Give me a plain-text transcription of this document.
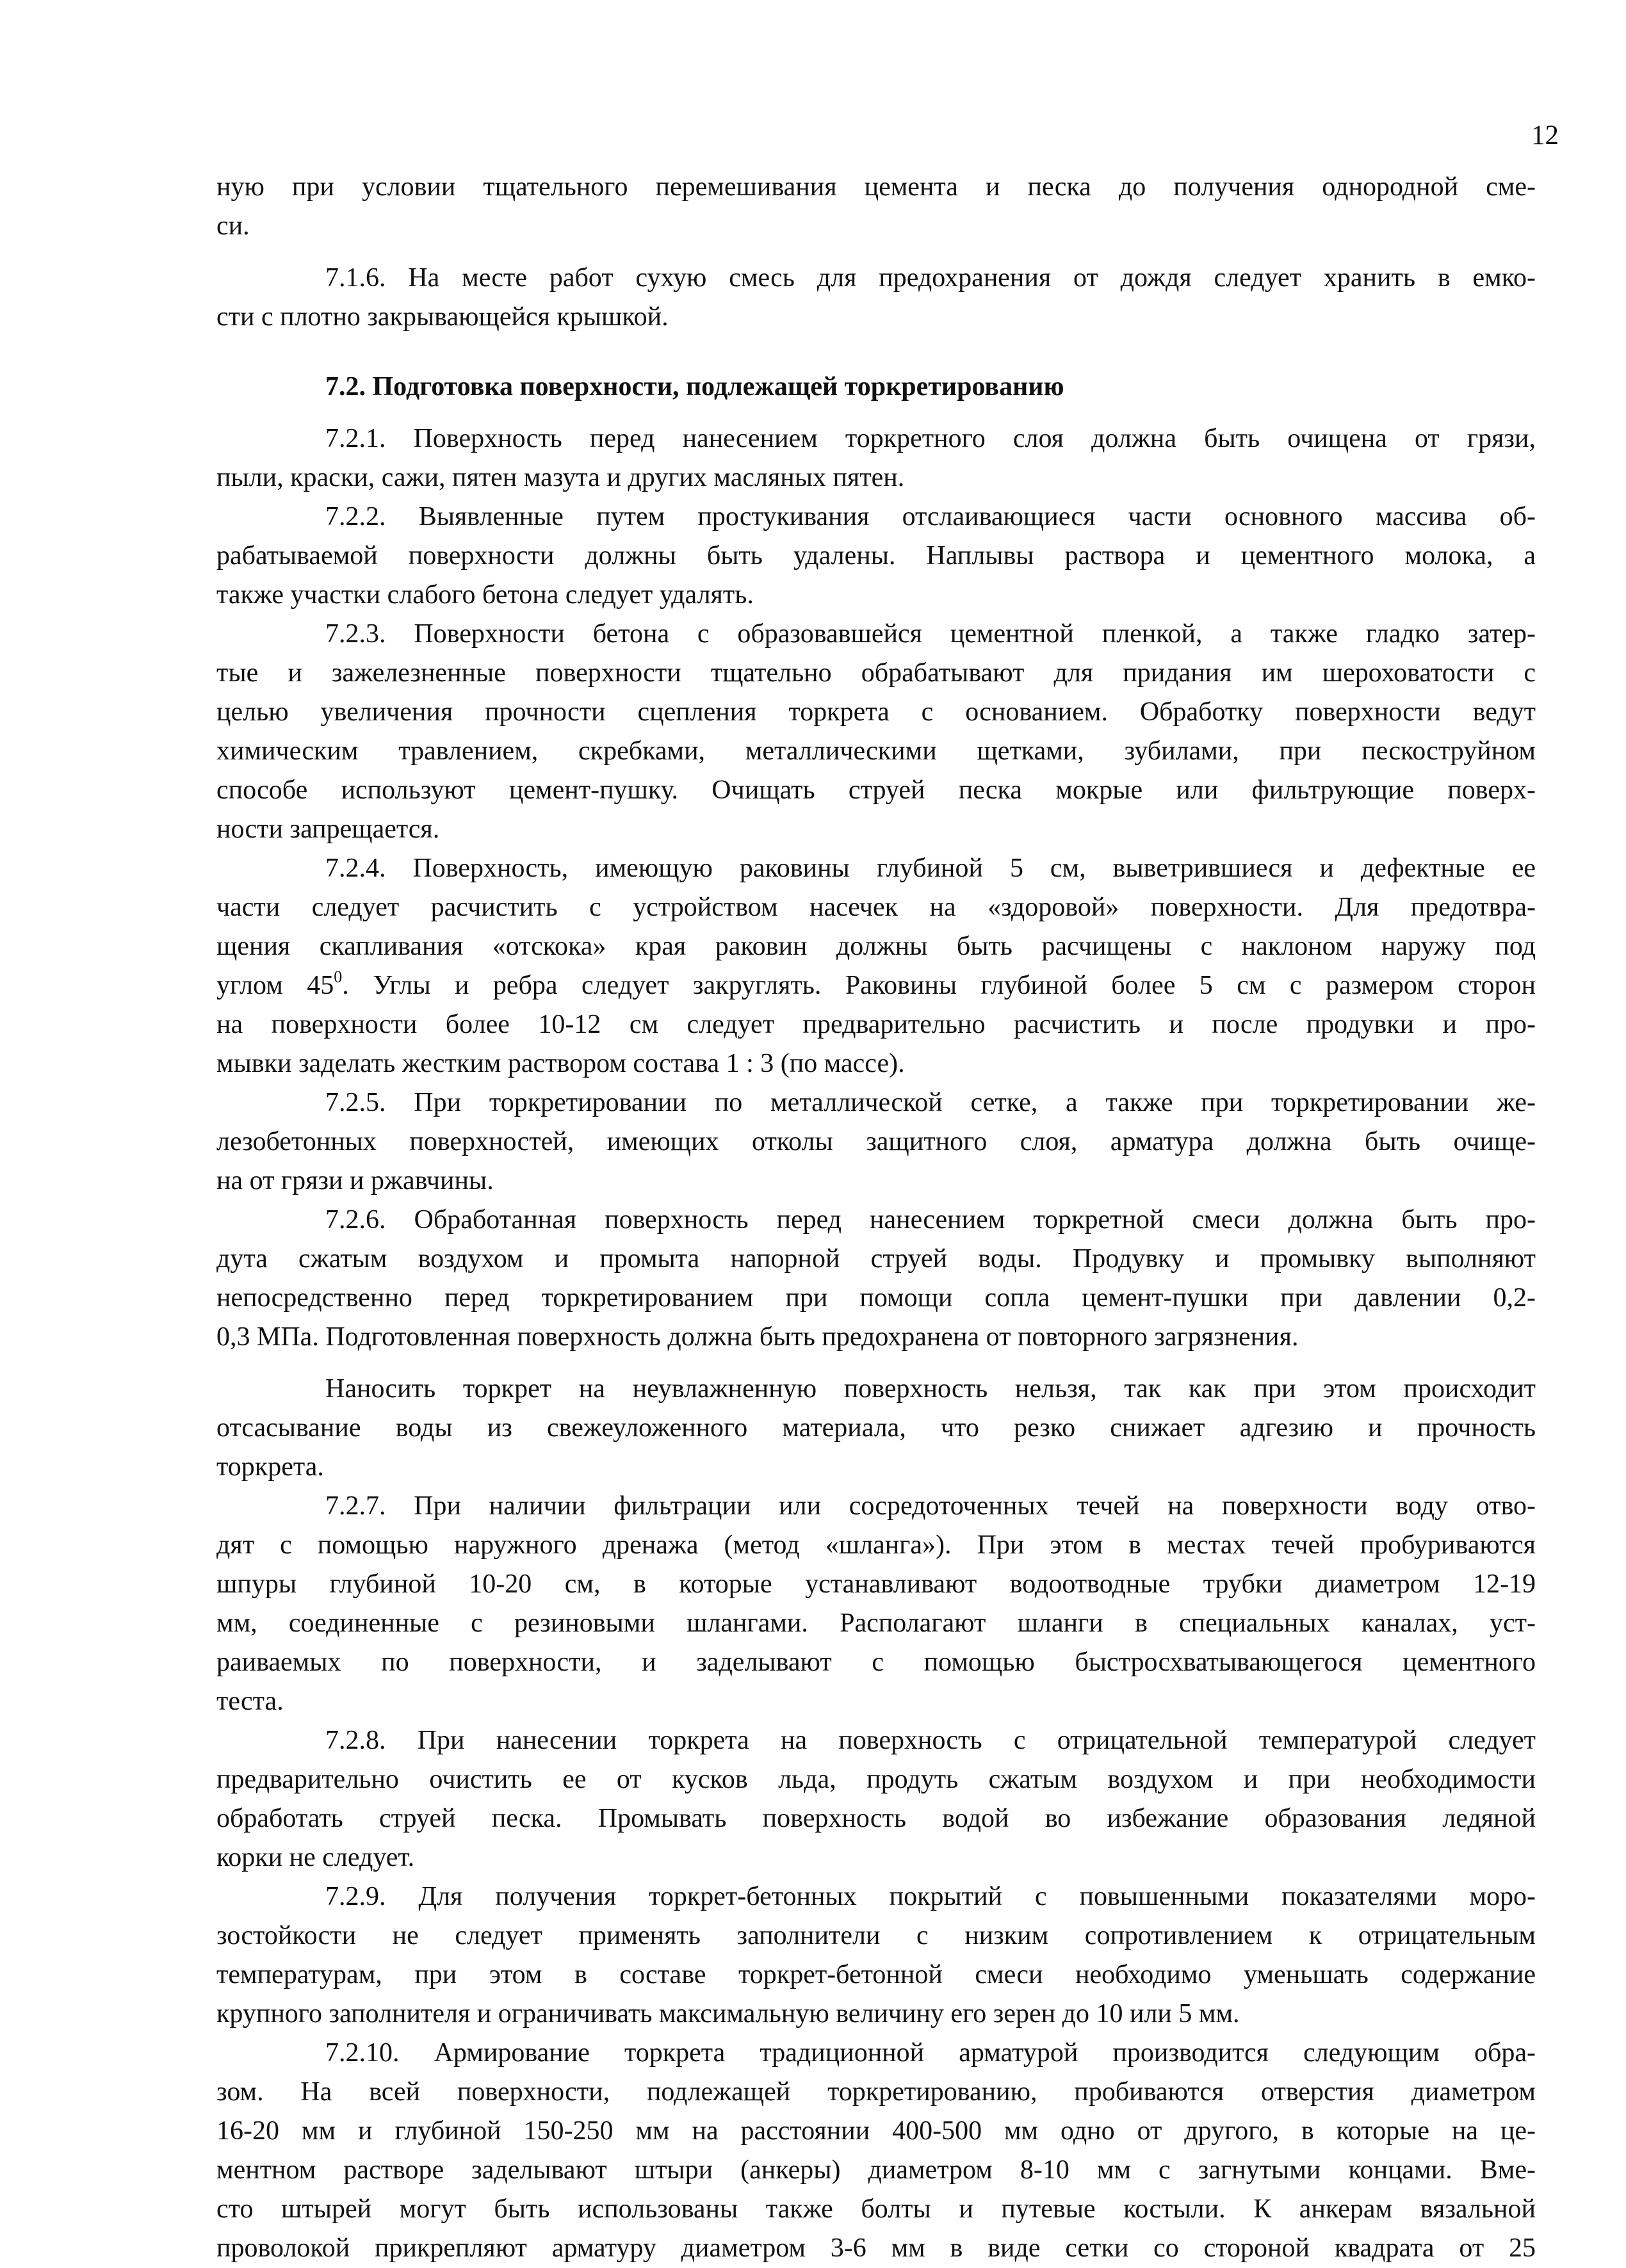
12
ную при условии тщательного перемешивания цемента и песка до получения однородной сме-
си.
7.1.6. На месте работ сухую смесь для предохранения от дождя следует хранить в емко-
сти с плотно закрывающейся крышкой.
7.2. Подготовка поверхности, подлежащей торкретированию
7.2.1. Поверхность перед нанесением торкретного слоя должна быть очищена от грязи,
пыли, краски, сажи, пятен мазута и других масляных пятен.
7.2.2. Выявленные путем простукивания отслаивающиеся части основного массива об-
рабатываемой поверхности должны быть удалены. Наплывы раствора и цементного молока, а
также участки слабого бетона следует удалять.
7.2.3. Поверхности бетона с образовавшейся цементной пленкой, а также гладко затер-
тые и зажелезненные поверхности тщательно обрабатывают для придания им шероховатости с
целью увеличения прочности сцепления торкрета с основанием. Обработку поверхности ведут
химическим травлением, скребками, металлическими щетками, зубилами, при пескоструйном
способе используют цемент-пушку. Очищать струей песка мокрые или фильтрующие поверх-
ности запрещается.
7.2.4. Поверхность, имеющую раковины глубиной 5 см, выветрившиеся и дефектные ее
части следует расчистить с устройством насечек на «здоровой» поверхности. Для предотвра-
щения скапливания «отскока» края раковин должны быть расчищены с наклоном наружу под
углом $45^0$. Углы и ребра следует закруглять. Раковины глубиной более 5 см с размером сторон
на поверхности более 10-12 см следует предварительно расчистить и после продувки и про-
мывки заделать жестким раствором состава 1 : 3 (по массе).
7.2.5. При торкретировании по металлической сетке, а также при торкретировании же-
лезобетонных поверхностей, имеющих отколы защитного слоя, арматура должна быть очище-
на от грязи и ржавчины.
7.2.6. Обработанная поверхность перед нанесением торкретной смеси должна быть про-
дута сжатым воздухом и промыта напорной струей воды. Продувку и промывку выполняют
непосредственно перед торкретированием при помощи сопла цемент-пушки при давлении 0,2-
0,3 МПа. Подготовленная поверхность должна быть предохранена от повторного загрязнения.
Наносить торкрет на неувлажненную поверхность нельзя, так как при этом происходит
отсасывание воды из свежеуложенного материала, что резко снижает адгезию и прочность
торкрета.
7.2.7. При наличии фильтрации или сосредоточенных течей на поверхности воду отво-
дят с помощью наружного дренажа (метод «шланга»). При этом в местах течей пробуриваются
шпуры глубиной 10-20 см, в которые устанавливают водоотводные трубки диаметром 12-19
мм, соединенные с резиновыми шлангами. Располагают шланги в специальных каналах, уст-
раиваемых по поверхности, и заделывают с помощью быстросхватывающегося цементного
теста.
7.2.8. При нанесении торкрета на поверхность с отрицательной температурой следует
предварительно очистить ее от кусков льда, продуть сжатым воздухом и при необходимости
обработать струей песка. Промывать поверхность водой во избежание образования ледяной
корки не следует.
7.2.9. Для получения торкрет-бетонных покрытий с повышенными показателями моро-
зостойкости не следует применять заполнители с низким сопротивлением к отрицательным
температурам, при этом в составе торкрет-бетонной смеси необходимо уменьшать содержание
крупного заполнителя и ограничивать максимальную величину его зерен до 10 или 5 мм.
7.2.10. Армирование торкрета традиционной арматурой производится следующим обра-
зом. На всей поверхности, подлежащей торкретированию, пробиваются отверстия диаметром
16-20 мм и глубиной 150-250 мм на расстоянии 400-500 мм одно от другого, в которые на це-
ментном растворе заделывают штыри (анкеры) диаметром 8-10 мм с загнутыми концами. Вме-
сто штырей могут быть использованы также болты и путевые костыли. К анкерам вязальной
проволокой прикрепляют арматуру диаметром 3-6 мм в виде сетки со стороной квадрата от 25
